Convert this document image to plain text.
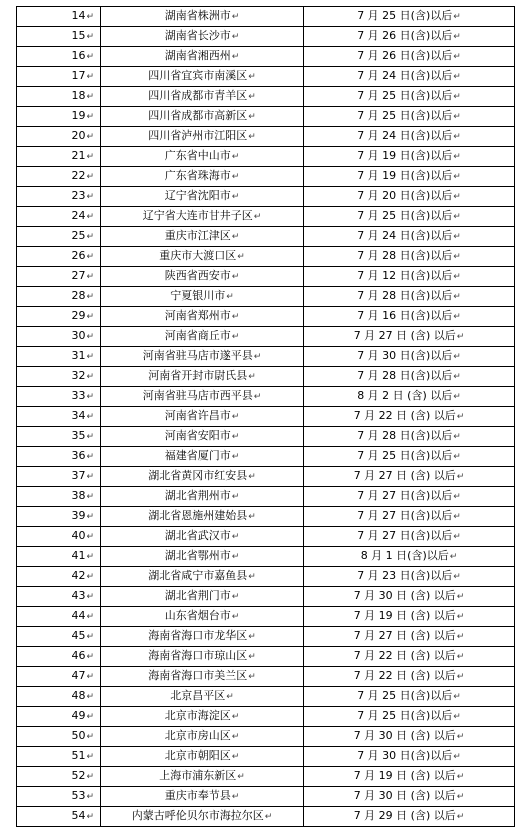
14↵	湖南省株洲市↵	7 月 25 日(含)以后↵
15↵	湖南省长沙市↵	7 月 26 日(含)以后↵
16↵	湖南省湘西州↵	7 月 26 日(含)以后↵
17↵	四川省宜宾市南溪区↵	7 月 24 日(含)以后↵
18↵	四川省成都市青羊区↵	7 月 25 日(含)以后↵
19↵	四川省成都市高新区↵	7 月 25 日(含)以后↵
20↵	四川省泸州市江阳区↵	7 月 24 日(含)以后↵
21↵	广东省中山市↵	7 月 19 日(含)以后↵
22↵	广东省珠海市↵	7 月 19 日(含)以后↵
23↵	辽宁省沈阳市↵	7 月 20 日(含)以后↵
24↵	辽宁省大连市甘井子区↵	7 月 25 日(含)以后↵
25↵	重庆市江津区↵	7 月 24 日(含)以后↵
26↵	重庆市大渡口区↵	7 月 28 日(含)以后↵
27↵	陕西省西安市↵	7 月 12 日(含)以后↵
28↵	宁夏银川市↵	7 月 28 日(含)以后↵
29↵	河南省郑州市↵	7 月 16 日(含)以后↵
30↵	河南省商丘市↵	7 月 27 日 (含) 以后↵
31↵	河南省驻马店市遂平县↵	7 月 30 日(含)以后↵
32↵	河南省开封市尉氏县↵	7 月 28 日(含)以后↵
33↵	河南省驻马店市西平县↵	8 月 2 日 (含) 以后↵
34↵	河南省许昌市↵	7 月 22 日 (含) 以后↵
35↵	河南省安阳市↵	7 月 28 日(含)以后↵
36↵	福建省厦门市↵	7 月 25 日(含)以后↵
37↵	湖北省黄冈市红安县↵	7 月 27 日 (含) 以后↵
38↵	湖北省荆州市↵	7 月 27 日(含)以后↵
39↵	湖北省恩施州建始县↵	7 月 27 日(含)以后↵
40↵	湖北省武汉市↵	7 月 27 日(含)以后↵
41↵	湖北省鄂州市↵	8 月 1 日(含)以后↵
42↵	湖北省咸宁市嘉鱼县↵	7 月 23 日(含)以后↵
43↵	湖北省荆门市↵	7 月 30 日 (含) 以后↵
44↵	山东省烟台市↵	7 月 19 日 (含) 以后↵
45↵	海南省海口市龙华区↵	7 月 27 日 (含) 以后↵
46↵	海南省海口市琼山区↵	7 月 22 日 (含) 以后↵
47↵	海南省海口市美兰区↵	7 月 22 日 (含) 以后↵
48↵	北京昌平区↵	7 月 25 日(含)以后↵
49↵	北京市海淀区↵	7 月 25 日(含)以后↵
50↵	北京市房山区↵	7 月 30 日 (含) 以后↵
51↵	北京市朝阳区↵	7 月 30 日(含)以后↵
52↵	上海市浦东新区↵	7 月 19 日 (含) 以后↵
53↵	重庆市奉节县↵	7 月 30 日 (含) 以后↵
54↵	内蒙古呼伦贝尔市海拉尔区↵	7 月 29 日 (含) 以后↵
